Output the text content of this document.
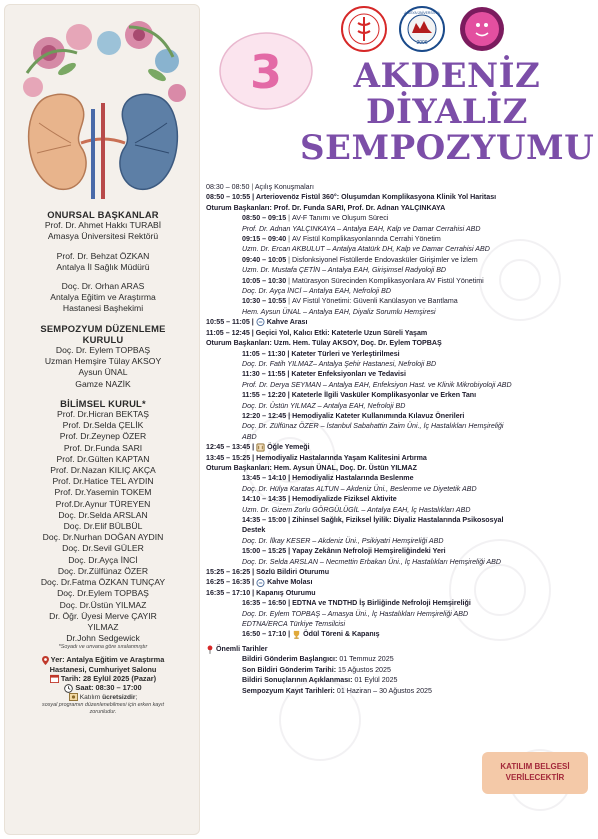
ONURSAL BAŞKANLAR
Prof. Dr. Ahmet Hakkı TURABİ
Amasya Üniversitesi Rektörü
Prof. Dr. Behzat ÖZKAN
Antalya İl Sağlık Müdürü
Doç. Dr. Orhan ARAS
Antalya Eğitim ve Araştırma
Hastanesi Başhekimi
SEMPOZYUM DÜZENLEME
KURULU
Doç. Dr. Eylem TOPBAŞ
Uzman Hemşire Tülay AKSOY
Aysun ÜNAL
Gamze NAZİK
BİLİMSEL KURUL*
Prof. Dr.Hicran BEKTAŞ
Prof. Dr.Selda ÇELİK
Prof. Dr.Zeynep ÖZER
Prof. Dr.Funda SARI
Prof. Dr.Gülten KAPTAN
Prof. Dr.Nazan KILIÇ AKÇA
Prof. Dr.Hatice TEL AYDIN
Prof. Dr.Yasemin TOKEM
Prof.Dr.Aynur TÜREYEN
Doç. Dr.Selda ARSLAN
Doç. Dr.Elif BÜLBÜL
Doç. Dr.Nurhan DOĞAN AYDIN
Doç. Dr.Sevil GÜLER
Doç. Dr.Ayça İNCİ
Doç. Dr.Zülfünaz ÖZER
Doç. Dr.Fatma ÖZKAN TUNÇAY
Doç. Dr.Eylem TOPBAŞ
Doç. Dr.Üstün YILMAZ
Dr. Öğr. Üyesi Merve ÇAYIR
YILMAZ
Dr.John Sedgewick
*Soyadı ve unvana göre sıralanmıştır
Yer: Antalya Eğitim ve Araştırma
Hastanesi, Cumhuriyet Salonu
Tarih: 28 Eylül 2025 (Pazar)
Saat: 08:30 – 17:00
Katılım ücretsizdir;
sosyal programın düzenlenebilmesi için erken kayıt
zorunludur.
2006
AMASYA ÜNİVERSİTESİ
3	AKDENİZ
DİYALİZ
SEMPOZYUMU
08:30 – 08:50 | Açılış Konuşmaları
08:50 – 10:55 | Arteriovenöz Fistül 360°: Oluşumdan Komplikasyona Klinik Yol Haritası
Oturum Başkanları: Prof. Dr. Funda SARI, Prof. Dr. Adnan YALÇINKAYA
08:50 – 09:15 | AV-F Tanımı ve Oluşum Süreci
Prof. Dr. Adnan YALÇINKAYA – Antalya EAH, Kalp ve Damar Cerrahisi ABD
09:15 – 09:40 | AV Fistül Komplikasyonlarında Cerrahi Yönetim
Uzm. Dr. Ercan AKBULUT – Antalya Atatürk DH, Kalp ve Damar Cerrahisi ABD
09:40 – 10:05 | Disfonksiyonel Fistüllerde Endovasküler Girişimler ve İzlem
Uzm. Dr. Mustafa ÇETİN – Antalya EAH, Girişimsel Radyoloji BD
10:05 – 10:30 | Matürasyon Sürecinden Komplikasyonlara AV Fistül Yönetimi
Doç. Dr. Ayça İNCİ – Antalya EAH, Nefroloji BD
10:30 – 10:55 | AV Fistül Yönetimi: Güvenli Kanülasyon ve Bantlama
Hem. Aysun ÜNAL – Antalya EAH, Diyaliz Sorumlu Hemşiresi
10:55 – 11:05 | Kahve Arası
11:05 – 12:45 | Geçici Yol, Kalıcı Etki: Kateterle Uzun Süreli Yaşam
Oturum Başkanları: Uzm. Hem. Tülay AKSOY, Doç. Dr. Eylem TOPBAŞ
11:05 – 11:30 | Kateter Türleri ve Yerleştirilmesi
Doç. Dr. Fatih YILMAZ– Antalya Şehir Hastanesi, Nefroloji BD
11:30 – 11:55 | Kateter Enfeksiyonları ve Tedavisi
Prof. Dr. Derya SEYMAN – Antalya EAH, Enfeksiyon Hast. ve Klinik Mikrobiyoloji ABD
11:55 – 12:20 | Kateterle İlgili Vasküler Komplikasyonlar ve Erken Tanı
Doç. Dr. Üstün YILMAZ – Antalya EAH, Nefroloji BD
12:20 – 12:45 | Hemodiyaliz Kateter Kullanımında Kılavuz Önerileri
Doç. Dr. Zülfünaz ÖZER – İstanbul Sabahattin Zaim Üni., İç Hastalıkları Hemşireliği
ABD
12:45 – 13:45 | Öğle Yemeği
13:45 – 15:25 | Hemodiyaliz Hastalarında Yaşam Kalitesini Artırma
Oturum Başkanları: Hem. Aysun ÜNAL, Doç. Dr. Üstün YILMAZ
13:45 – 14:10 | Hemodiyaliz Hastalarında Beslenme
Doç. Dr. Hülya Karatas ALTUN – Akdeniz Üni., Beslenme ve Diyetetik ABD
14:10 – 14:35 | Hemodiyalizde Fiziksel Aktivite
Uzm. Dr. Gizem Zorlu GÖRGÜLÜGİL – Antalya EAH, İç Hastalıkları ABD
14:35 – 15:00 | Zihinsel Sağlık, Fiziksel İyilik: Diyaliz Hastalarında Psikososyal
Destek
Doç. Dr. İlkay KESER – Akdeniz Üni., Psikiyatri Hemşireliği ABD
15:00 – 15:25 | Yapay Zekânın Nefroloji Hemşireliğindeki Yeri
Doç. Dr. Selda ARSLAN – Necmettin Erbakan Üni., İç Hastalıkları Hemşireliği ABD
15:25 – 16:25 | Sözlü Bildiri Oturumu
16:25 – 16:35 | Kahve Molası
16:35 – 17:10 | Kapanış Oturumu
16:35 – 16:50 | EDTNA ve TNDTHD İş Birliğinde Nefroloji Hemşireliği
Doç. Dr. Eylem TOPBAŞ – Amasya Üni., İç Hastalıkları Hemşireliği ABD
EDTNA/ERCA Türkiye Temsilcisi
16:50 – 17:10 | Ödül Töreni & Kapanış
Önemli Tarihler
Bildiri Gönderim Başlangıcı: 01 Temmuz 2025
Son Bildiri Gönderim Tarihi: 15 Ağustos 2025
Bildiri Sonuçlarının Açıklanması: 01 Eylül 2025
Sempozyum Kayıt Tarihleri: 01 Haziran – 30 Ağustos 2025
KATILIM BELGESİ
VERİLECEKTİR
